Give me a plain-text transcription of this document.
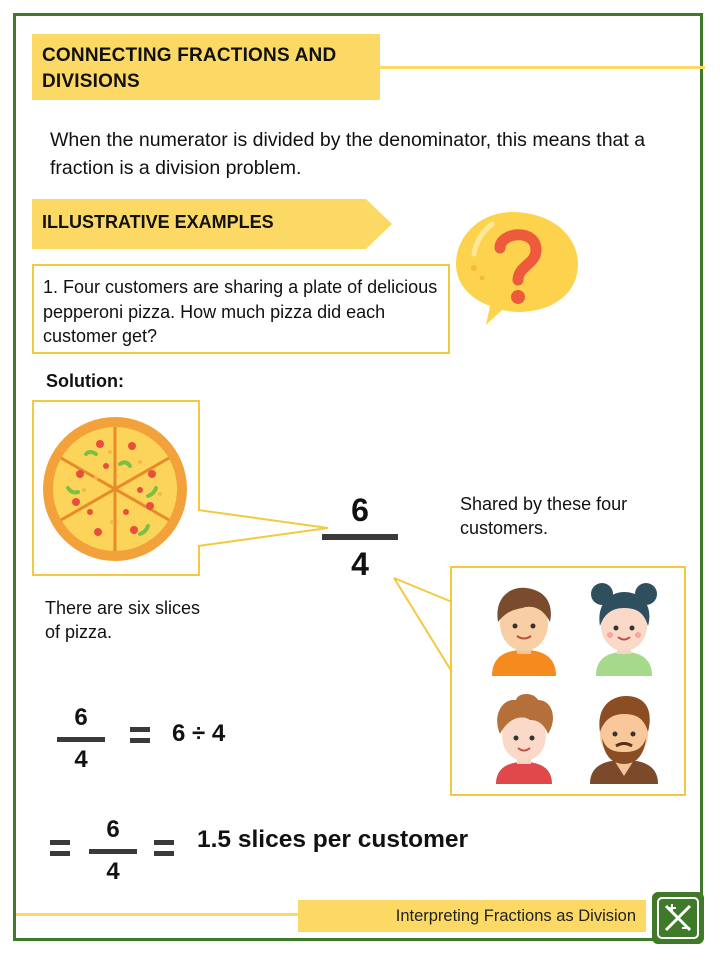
CONNECTING FRACTIONS AND
DIVISIONS
When the numerator is divided by the denominator, this means that a fraction is a division problem.
ILLUSTRATIVE EXAMPLES
1. Four customers are sharing a plate of delicious pepperoni pizza. How much pizza did each customer get?
Solution:
6
4
Shared by these four customers.
There are six slices of pizza.
6
4
6 ÷ 4
6
4
1.5 slices per customer
Interpreting Fractions as Division
